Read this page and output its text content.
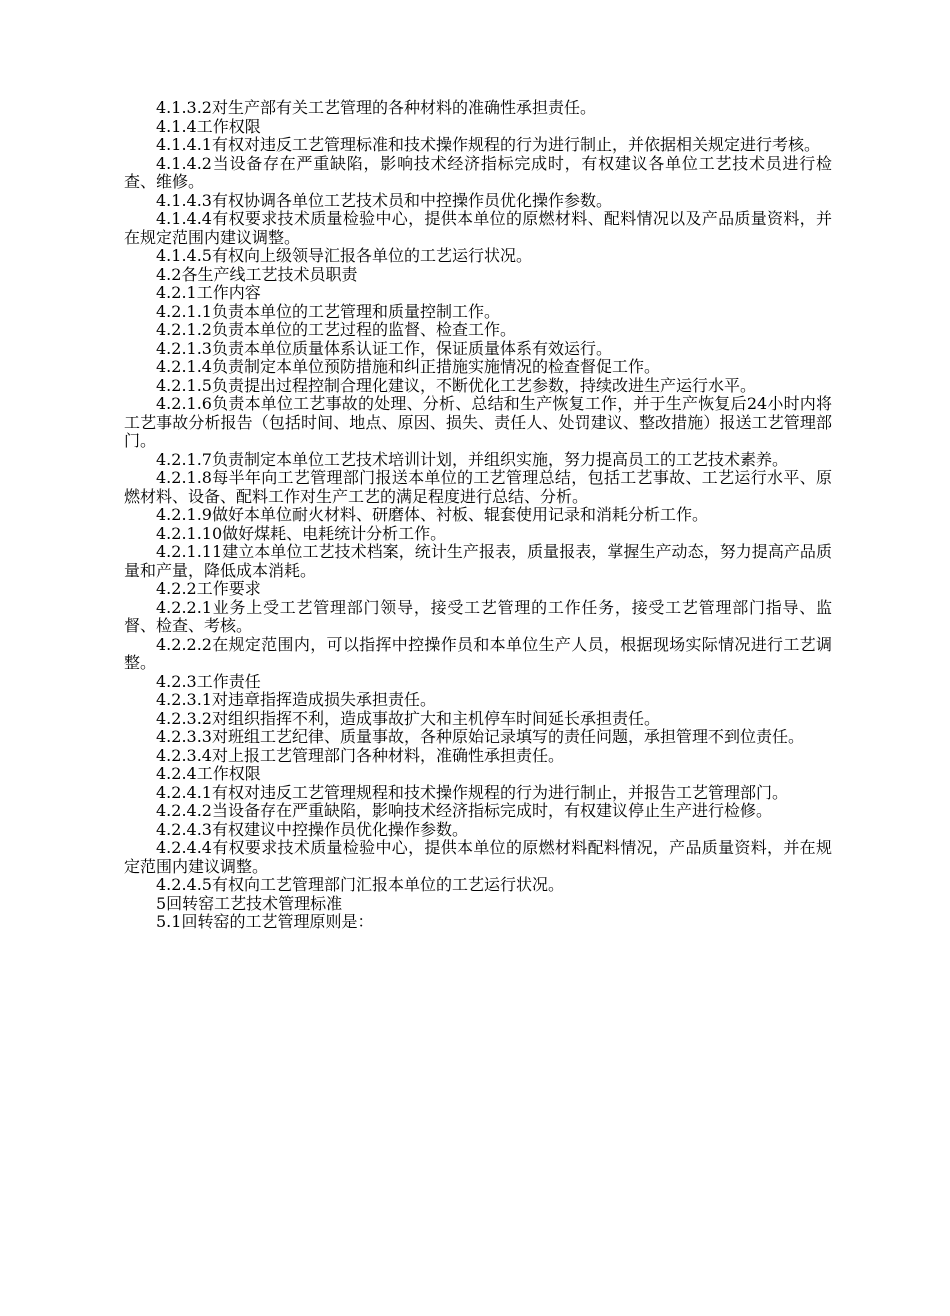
4.1.3.2对生产部有关工艺管理的各种材料的准确性承担责任。

4.1.4工作权限

4.1.4.1有权对违反工艺管理标准和技术操作规程的行为进行制止，并依据相关规定进行考核。

4.1.4.2当设备存在严重缺陷，影响技术经济指标完成时，有权建议各单位工艺技术员进行检查、维修。

4.1.4.3有权协调各单位工艺技术员和中控操作员优化操作参数。

4.1.4.4有权要求技术质量检验中心，提供本单位的原燃材料、配料情况以及产品质量资料，并在规定范围内建议调整。

4.1.4.5有权向上级领导汇报各单位的工艺运行状况。

4.2各生产线工艺技术员职责

4.2.1工作内容

4.2.1.1负责本单位的工艺管理和质量控制工作。

4.2.1.2负责本单位的工艺过程的监督、检查工作。

4.2.1.3负责本单位质量体系认证工作，保证质量体系有效运行。

4.2.1.4负责制定本单位预防措施和纠正措施实施情况的检查督促工作。

4.2.1.5负责提出过程控制合理化建议，不断优化工艺参数，持续改进生产运行水平。

4.2.1.6负责本单位工艺事故的处理、分析、总结和生产恢复工作，并于生产恢复后24小时内将工艺事故分析报告（包括时间、地点、原因、损失、责任人、处罚建议、整改措施）报送工艺管理部门。

4.2.1.7负责制定本单位工艺技术培训计划，并组织实施，努力提高员工的工艺技术素养。

4.2.1.8每半年向工艺管理部门报送本单位的工艺管理总结，包括工艺事故、工艺运行水平、原燃材料、设备、配料工作对生产工艺的满足程度进行总结、分析。

4.2.1.9做好本单位耐火材料、研磨体、衬板、辊套使用记录和消耗分析工作。

4.2.1.10做好煤耗、电耗统计分析工作。

4.2.1.11建立本单位工艺技术档案，统计生产报表，质量报表，掌握生产动态，努力提高产品质量和产量，降低成本消耗。

4.2.2工作要求

4.2.2.1业务上受工艺管理部门领导，接受工艺管理的工作任务，接受工艺管理部门指导、监督、检查、考核。

4.2.2.2在规定范围内，可以指挥中控操作员和本单位生产人员，根据现场实际情况进行工艺调整。

4.2.3工作责任

4.2.3.1对违章指挥造成损失承担责任。

4.2.3.2对组织指挥不利，造成事故扩大和主机停车时间延长承担责任。

4.2.3.3对班组工艺纪律、质量事故，各种原始记录填写的责任问题，承担管理不到位责任。

4.2.3.4对上报工艺管理部门各种材料，准确性承担责任。

4.2.4工作权限

4.2.4.1有权对违反工艺管理规程和技术操作规程的行为进行制止，并报告工艺管理部门。

4.2.4.2当设备存在严重缺陷，影响技术经济指标完成时，有权建议停止生产进行检修。

4.2.4.3有权建议中控操作员优化操作参数。

4.2.4.4有权要求技术质量检验中心，提供本单位的原燃材料配料情况，产品质量资料，并在规定范围内建议调整。

4.2.4.5有权向工艺管理部门汇报本单位的工艺运行状况。

5回转窑工艺技术管理标准

5.1回转窑的工艺管理原则是：
